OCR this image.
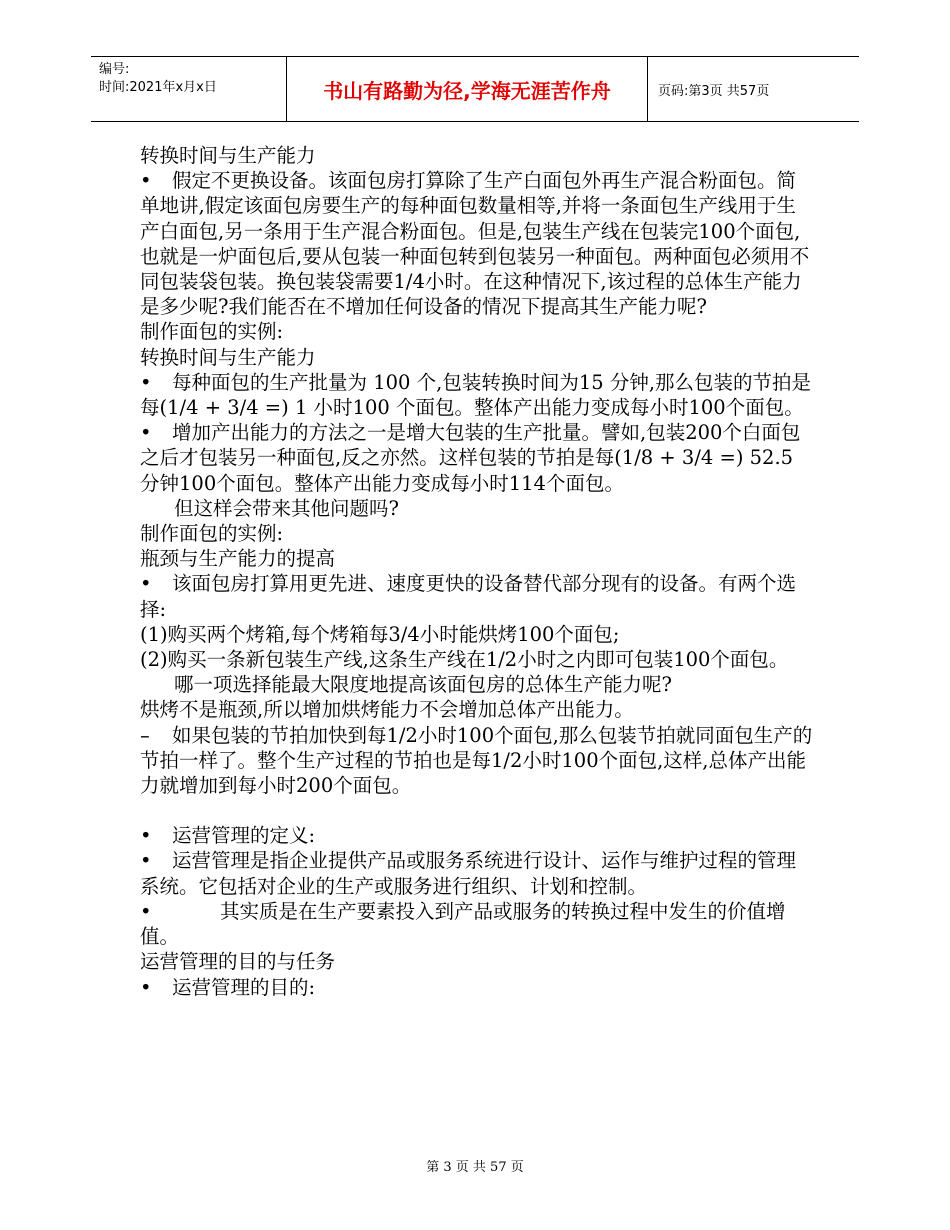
编号:
时间:2021年x月x日	书山有路勤为径,学海无涯苦作舟	页码:第3页 共57页

转换时间与生产能力

• 假定不更换设备。该面包房打算除了生产白面包外再生产混合粉面包。简单地讲,假定该面包房要生产的每种面包数量相等,并将一条面包生产线用于生产白面包,另一条用于生产混合粉面包。但是,包装生产线在包装完100个面包,也就是一炉面包后,要从包装一种面包转到包装另一种面包。两种面包必须用不同包装袋包装。换包装袋需要1/4小时。在这种情况下,该过程的总体生产能力是多少呢?我们能否在不增加任何设备的情况下提高其生产能力呢?

制作面包的实例:

转换时间与生产能力

• 每种面包的生产批量为 100 个,包装转换时间为15 分钟,那么包装的节拍是每(1/4 + 3/4 =) 1 小时100 个面包。整体产出能力变成每小时100个面包。

• 增加产出能力的方法之一是增大包装的生产批量。譬如,包装200个白面包之后才包装另一种面包,反之亦然。这样包装的节拍是每(1/8 + 3/4 =) 52.5 分钟100个面包。整体产出能力变成每小时114个面包。

但这样会带来其他问题吗?

制作面包的实例:

瓶颈与生产能力的提高

• 该面包房打算用更先进、速度更快的设备替代部分现有的设备。有两个选择:

(1)购买两个烤箱,每个烤箱每3/4小时能烘烤100个面包;

(2)购买一条新包装生产线,这条生产线在1/2小时之内即可包装100个面包。

哪一项选择能最大限度地提高该面包房的总体生产能力呢?

烘烤不是瓶颈,所以增加烘烤能力不会增加总体产出能力。

– 如果包装的节拍加快到每1/2小时100个面包,那么包装节拍就同面包生产的节拍一样了。整个生产过程的节拍也是每1/2小时100个面包,这样,总体产出能力就增加到每小时200个面包。

• 运营管理的定义:

• 运营管理是指企业提供产品或服务系统进行设计、运作与维护过程的管理系统。它包括对企业的生产或服务进行组织、计划和控制。

• 其实质是在生产要素投入到产品或服务的转换过程中发生的价值增值。

运营管理的目的与任务

• 运营管理的目的:

第 3 页 共 57 页
